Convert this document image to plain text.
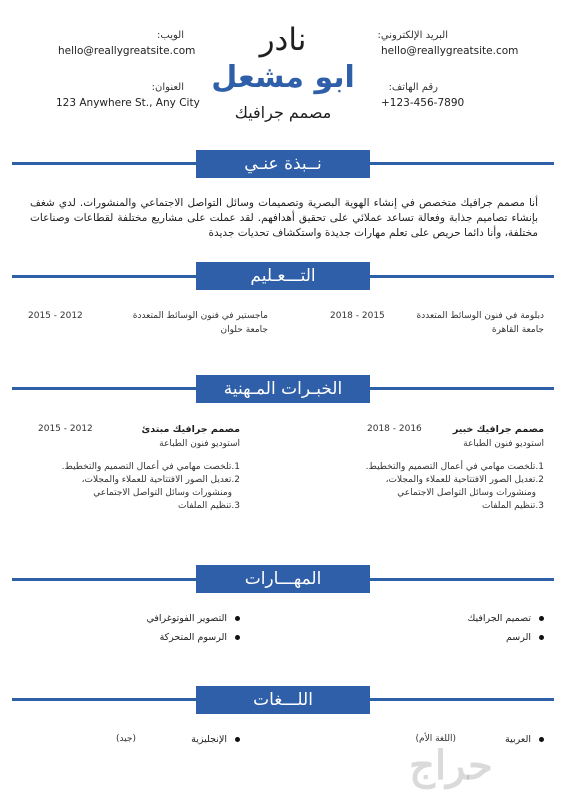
البريد الإلكتروني:
hello@reallygreatsite.com
الويب:
hello@reallygreatsite.com
رقم الهاتف:
+123-456-7890
العنوان:
123 Anywhere St., Any City
نادر
ابو مشعل
مصمم جرافيك
نــبذة عنـي
أنا مصمم جرافيك متخصص في إنشاء الهوية البصرية وتصميمات وسائل التواصل الاجتماعي والمنشورات. لدي شغف بإنشاء تصاميم جذابة وفعالة تساعد عملائي على تحقيق أهدافهم. لقد عملت على مشاريع مختلفة لقطاعات وصناعات مختلفة، وأنا دائما حريص على تعلم مهارات جديدة واستكشاف تحديات جديدة
التـــعـليم
دبلومة في فنون الوسائط المتعددة
2018 - 2015
جامعة القاهرة
ماجستير في فنون الوسائط المتعددة
2015 - 2012
جامعة حلوان
الخبـرات المـهنية
مصمم جرافيك خبير
2018 - 2016
استوديو فنون الطباعة
1.تلخصت مهامي في أعمال التصميم والتخطيط.
2.تعديل الصور الافتتاحية للعملاء والمجلات،
ومنشورات وسائل التواصل الاجتماعي
3.تنظيم الملفات
مصمم جرافيك مبتدئ
2015 - 2012
استوديو فنون الطباعة
1.تلخصت مهامي في أعمال التصميم والتخطيط.
2.تعديل الصور الافتتاحية للعملاء والمجلات،
ومنشورات وسائل التواصل الاجتماعي
3.تنظيم الملفات
المهـــارات
تصميم الجرافيك
الرسم
التصوير الفوتوغرافي
الرسوم المتحركة
اللـــغات
العربية
(اللغة الأم)
الإنجليزية
(جيد)
حراج
